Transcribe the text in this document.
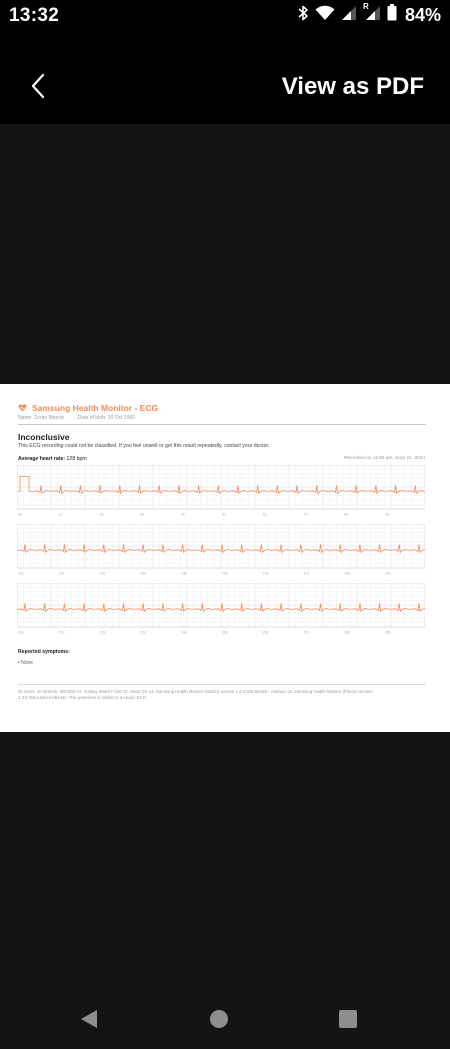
13:32	R 84%
View as PDF
Samsung Health Monitor - ECG
Name: Zoran Bisevic	Date of birth: 20 Oct 1960
Inconclusive
This ECG recording could not be classified. If you feel unwell or get this result repeatedly, contact your doctor.
Average heart rate: 128 bpm	Recorded on 11:59 am, Sept 22, 2024
0s	1s	2s	3s	4s	5s	6s	7s	8s	9s
10s	11s	12s	13s	14s	15s	16s	17s	18s	19s
20s	21s	22s	23s	24s	25s	26s	27s	28s	29s
Reported symptoms:
• None
25 mm/s, 10 mm/mV, 500.000 Hz, Galaxy Watch7 (SK72), Wear OS 14, Samsung Health Monitor (Watch) version 1.3.2.025.bb4a4c, Android 13, Samsung Health Monitor (Phone) version 1.3.5.002.ea4ece.bb4a4c. The waveform is similar to a Lead I ECG.
